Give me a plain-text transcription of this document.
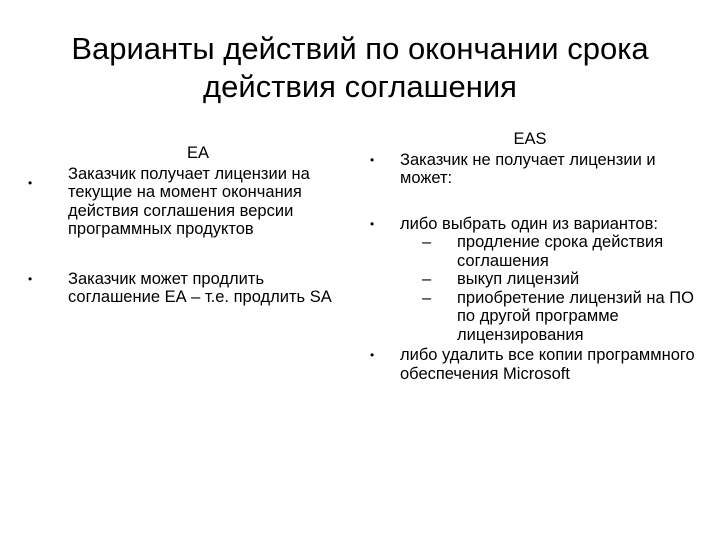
Варианты действий по окончании срока
действия соглашения
EA
• Заказчик получает лицензии на текущие на момент окончания действия соглашения версии программных продуктов
• Заказчик может продлить соглашение ЕА – т.е. продлить SA
EAS
• Заказчик не получает лицензии и может:
• либо выбрать один из вариантов:
– продление срока действия соглашения
– выкуп лицензий
– приобретение лицензий на ПО по другой программе лицензирования
• либо удалить все копии программного обеспечения Microsoft
